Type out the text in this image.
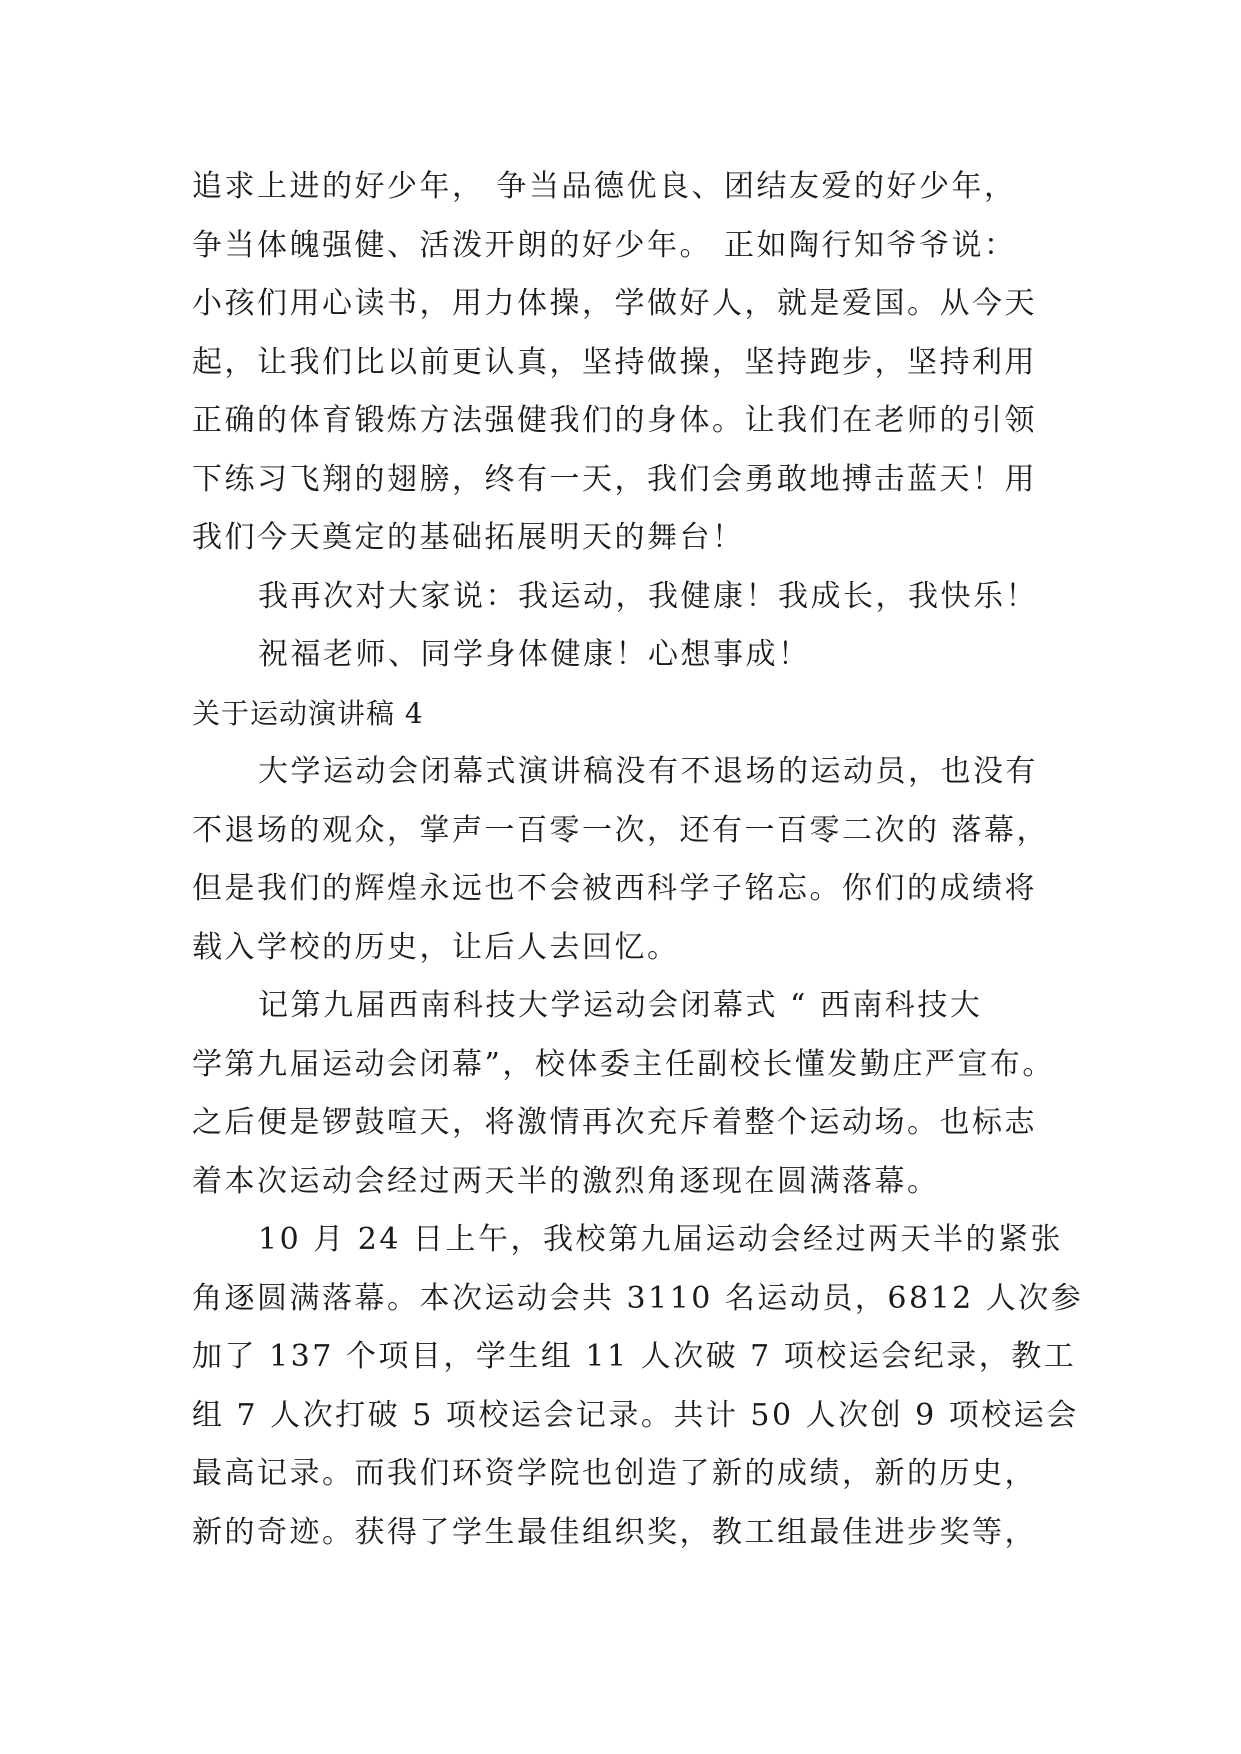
追求上进的好少年， 争当品德优良、团结友爱的好少年，
争当体魄强健、活泼开朗的好少年。 正如陶行知爷爷说：
小孩们用心读书，用力体操，学做好人，就是爱国。从今天
起，让我们比以前更认真，坚持做操，坚持跑步，坚持利用
正确的体育锻炼方法强健我们的身体。让我们在老师的引领
下练习飞翔的翅膀，终有一天，我们会勇敢地搏击蓝天！用
我们今天奠定的基础拓展明天的舞台！
我再次对大家说：我运动，我健康！我成长，我快乐！
祝福老师、同学身体健康！心想事成！
关于运动演讲稿 4
大学运动会闭幕式演讲稿没有不退场的运动员，也没有
不退场的观众，掌声一百零一次，还有一百零二次的 落幕，
但是我们的辉煌永远也不会被西科学子铭忘。你们的成绩将
载入学校的历史，让后人去回忆。
记第九届西南科技大学运动会闭幕式 “ 西南科技大
学第九届运动会闭幕”，校体委主任副校长懂发勤庄严宣布。
之后便是锣鼓喧天，将激情再次充斥着整个运动场。也标志
着本次运动会经过两天半的激烈角逐现在圆满落幕。
10 月 24 日上午，我校第九届运动会经过两天半的紧张
角逐圆满落幕。本次运动会共 3110 名运动员，6812 人次参
加了 137 个项目，学生组 11 人次破 7 项校运会纪录，教工
组 7 人次打破 5 项校运会记录。共计 50 人次创 9 项校运会
最高记录。而我们环资学院也创造了新的成绩，新的历史，
新的奇迹。获得了学生最佳组织奖，教工组最佳进步奖等，
